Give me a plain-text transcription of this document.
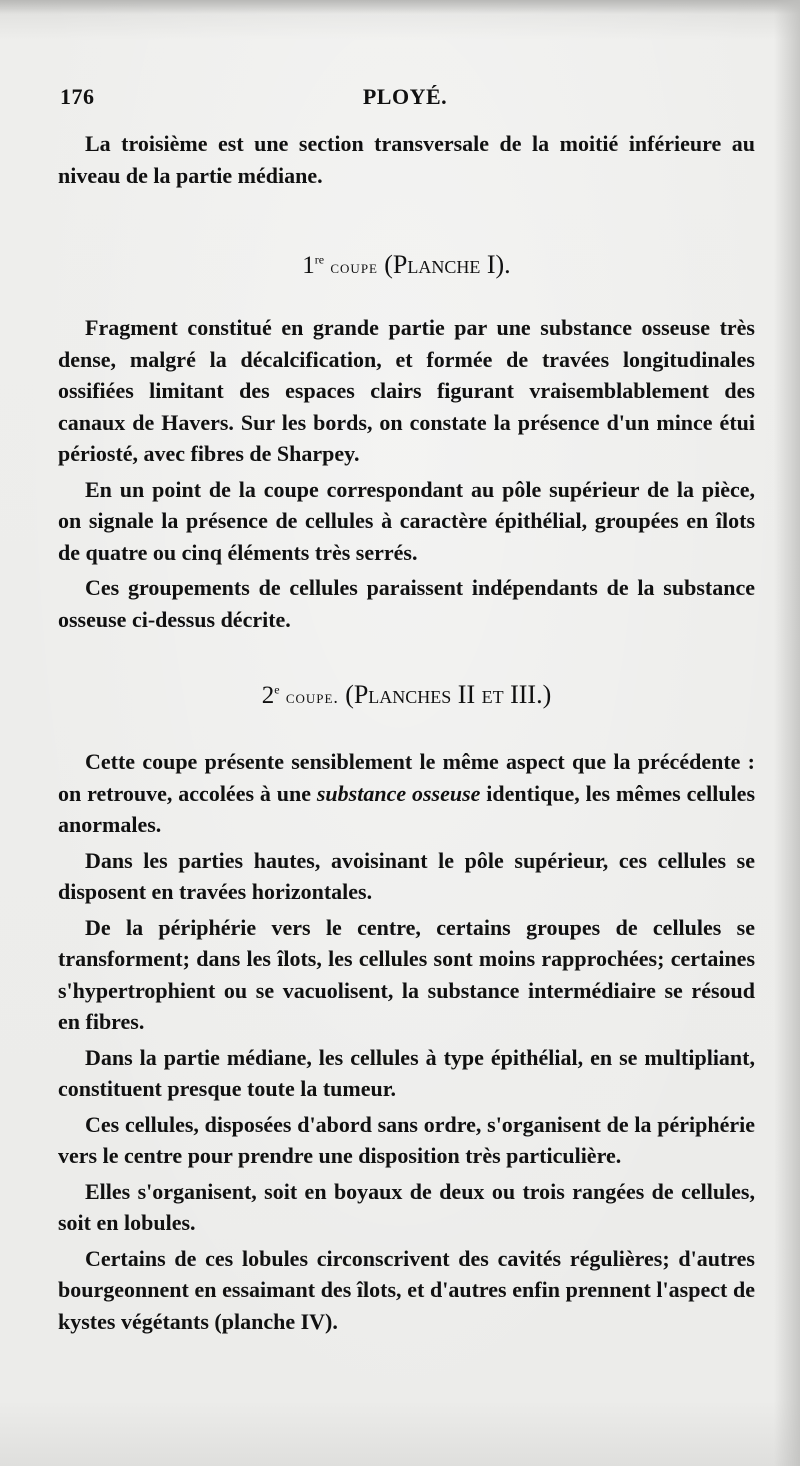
176	PLOYÉ.

La troisième est une section transversale de la moitié inférieure au niveau de la partie médiane.

1re coupe (Planche I).

Fragment constitué en grande partie par une substance osseuse très dense, malgré la décalcification, et formée de travées longitudinales ossifiées limitant des espaces clairs figurant vraisemblablement des canaux de Havers. Sur les bords, on constate la présence d'un mince étui périosté, avec fibres de Sharpey.

En un point de la coupe correspondant au pôle supérieur de la pièce, on signale la présence de cellules à caractère épithélial, groupées en îlots de quatre ou cinq éléments très serrés.

Ces groupements de cellules paraissent indépendants de la substance osseuse ci-dessus décrite.

2e coupe. (Planches II et III.)

Cette coupe présente sensiblement le même aspect que la précédente : on retrouve, accolées à une substance osseuse identique, les mêmes cellules anormales.

Dans les parties hautes, avoisinant le pôle supérieur, ces cellules se disposent en travées horizontales.

De la périphérie vers le centre, certains groupes de cellules se transforment; dans les îlots, les cellules sont moins rapprochées; certaines s'hypertrophient ou se vacuolisent, la substance intermédiaire se résoud en fibres.

Dans la partie médiane, les cellules à type épithélial, en se multipliant, constituent presque toute la tumeur.

Ces cellules, disposées d'abord sans ordre, s'organisent de la périphérie vers le centre pour prendre une disposition très particulière.

Elles s'organisent, soit en boyaux de deux ou trois rangées de cellules, soit en lobules.

Certains de ces lobules circonscrivent des cavités régulières; d'autres bourgeonnent en essaimant des îlots, et d'autres enfin prennent l'aspect de kystes végétants (planche IV).
